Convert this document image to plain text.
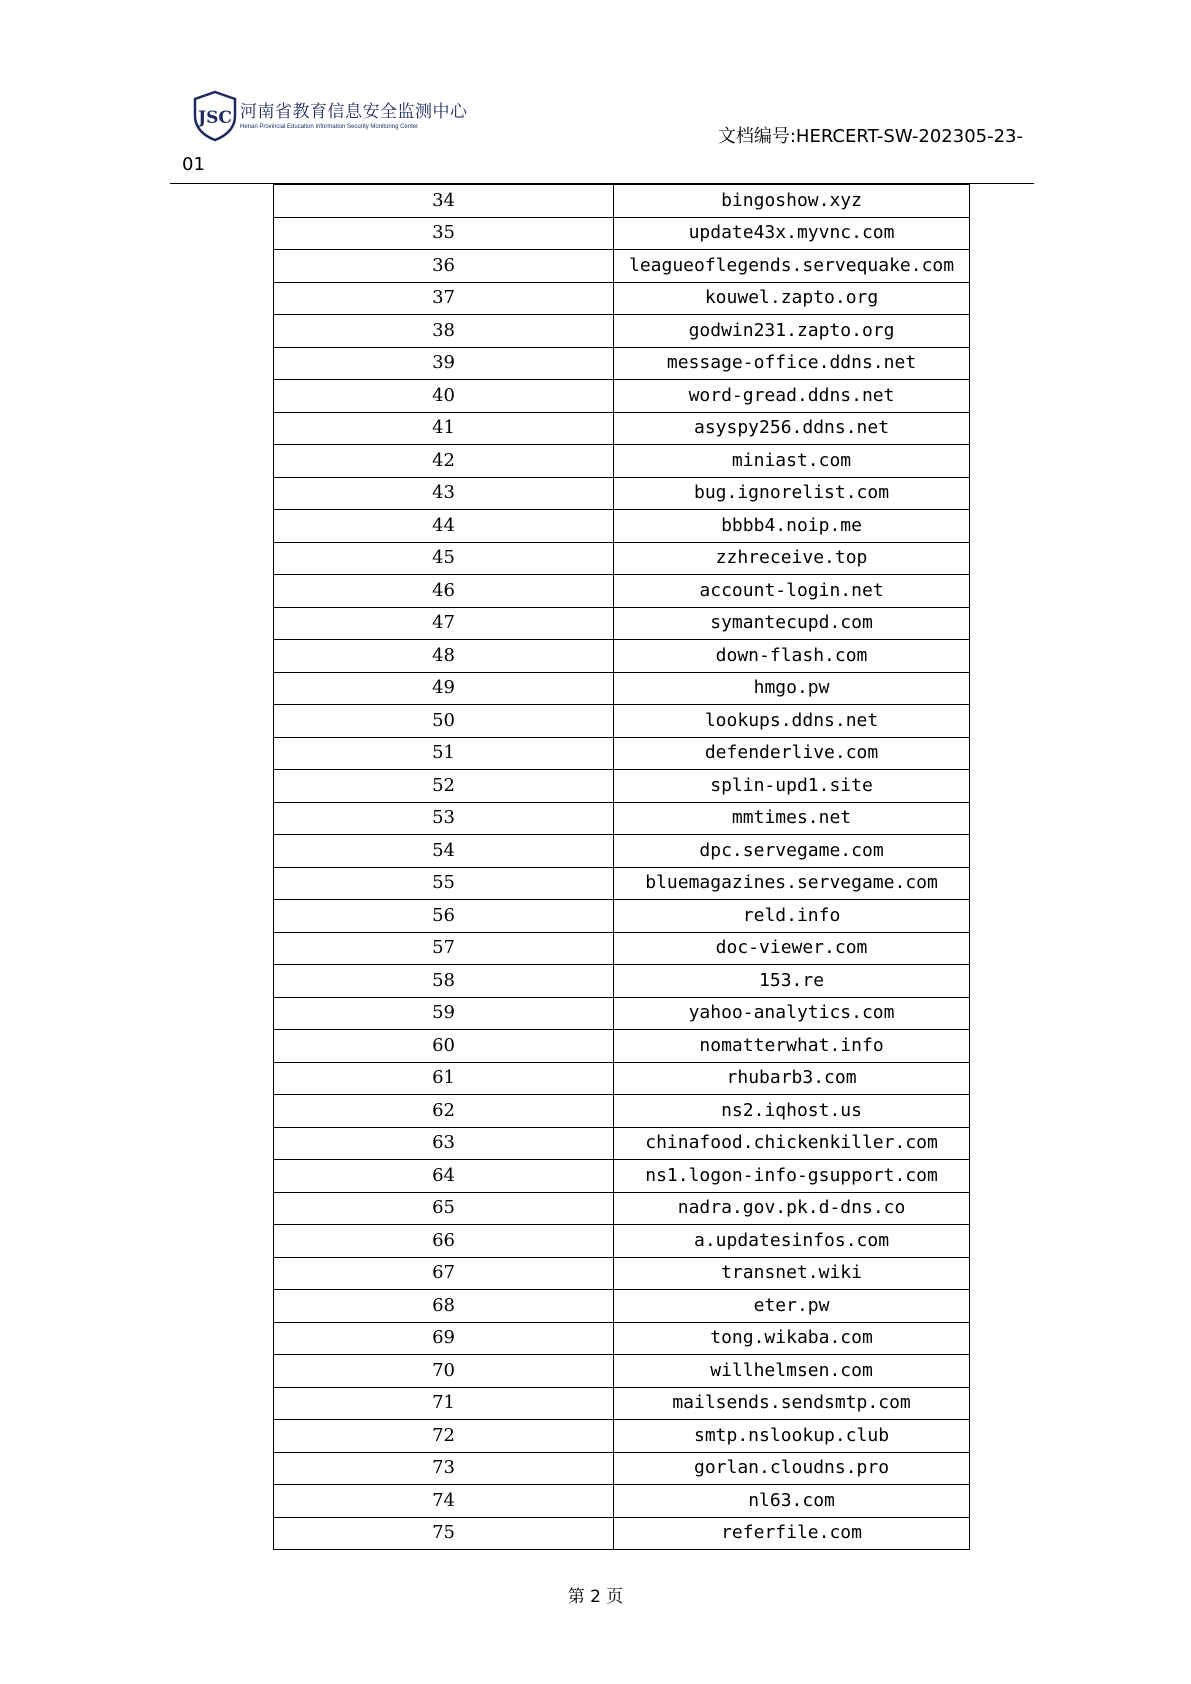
JSC 河南省教育信息安全监测中心
Henan Provincial Education Information Security Monitoring Center	文档编号:HERCERT-SW-202305-23-
01
34	bingoshow.xyz
35	update43x.myvnc.com
36	leagueoflegends.servequake.com
37	kouwel.zapto.org
38	godwin231.zapto.org
39	message-office.ddns.net
40	word-gread.ddns.net
41	asyspy256.ddns.net
42	miniast.com
43	bug.ignorelist.com
44	bbbb4.noip.me
45	zzhreceive.top
46	account-login.net
47	symantecupd.com
48	down-flash.com
49	hmgo.pw
50	lookups.ddns.net
51	defenderlive.com
52	splin-upd1.site
53	mmtimes.net
54	dpc.servegame.com
55	bluemagazines.servegame.com
56	reld.info
57	doc-viewer.com
58	153.re
59	yahoo-analytics.com
60	nomatterwhat.info
61	rhubarb3.com
62	ns2.iqhost.us
63	chinafood.chickenkiller.com
64	ns1.logon-info-gsupport.com
65	nadra.gov.pk.d-dns.co
66	a.updatesinfos.com
67	transnet.wiki
68	eter.pw
69	tong.wikaba.com
70	willhelmsen.com
71	mailsends.sendsmtp.com
72	smtp.nslookup.club
73	gorlan.cloudns.pro
74	nl63.com
75	referfile.com
第 2 页
